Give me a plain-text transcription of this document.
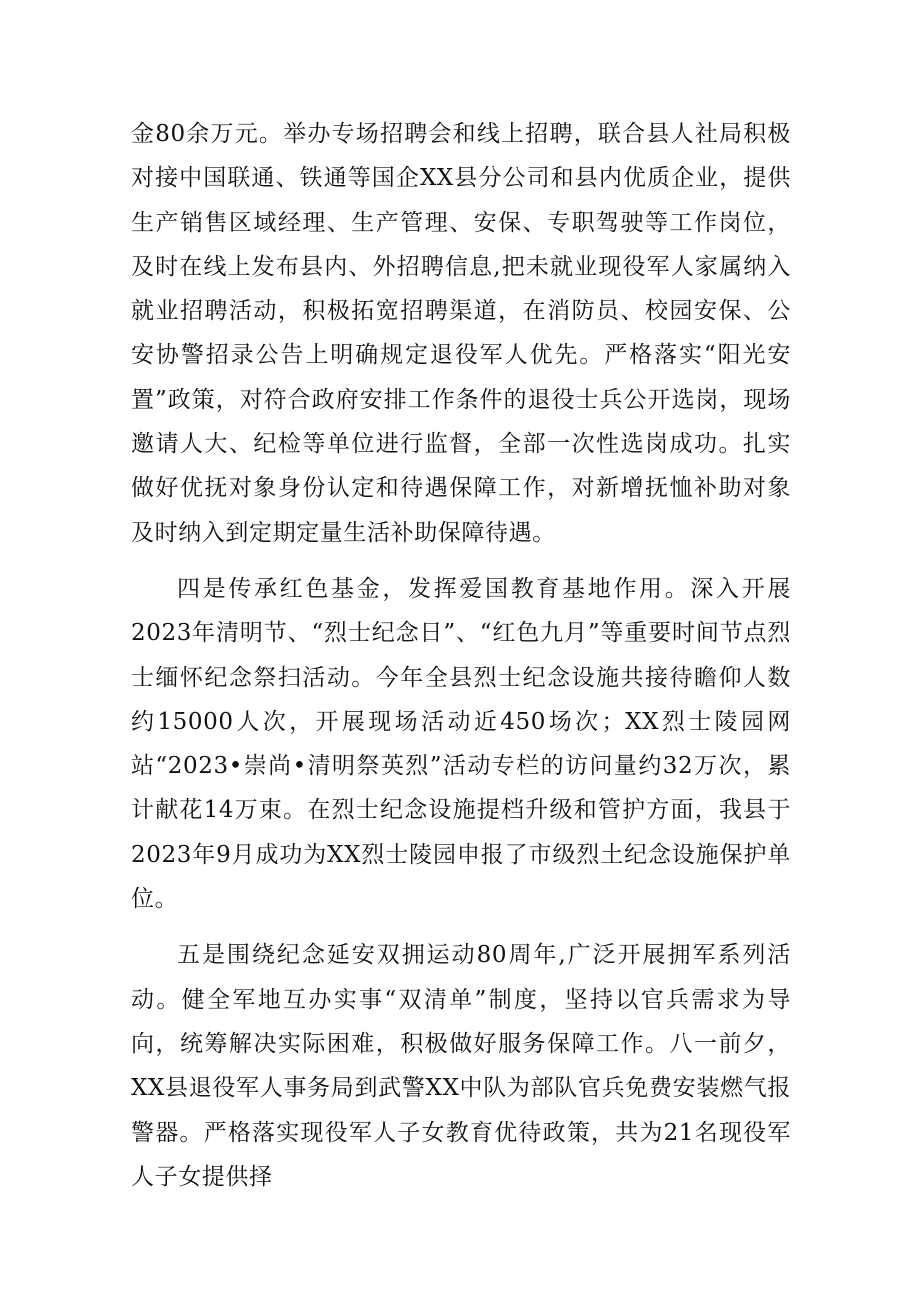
金80余万元。举办专场招聘会和线上招聘，联合县人社局积极对接中国联通、铁通等国企XX县分公司和县内优质企业，提供生产销售区域经理、生产管理、安保、专职驾驶等工作岗位，及时在线上发布县内、外招聘信息,把未就业现役军人家属纳入就业招聘活动，积极拓宽招聘渠道，在消防员、校园安保、公安协警招录公告上明确规定退役军人优先。严格落实“阳光安置”政策，对符合政府安排工作条件的退役士兵公开选岗，现场邀请人大、纪检等单位进行监督，全部一次性选岗成功。扎实做好优抚对象身份认定和待遇保障工作，对新增抚恤补助对象及时纳入到定期定量生活补助保障待遇。

四是传承红色基金，发挥爱国教育基地作用。深入开展2023年清明节、“烈士纪念日”、“红色九月”等重要时间节点烈士缅怀纪念祭扫活动。今年全县烈士纪念设施共接待瞻仰人数约15000人次，开展现场活动近450场次；XX烈士陵园网站“2023•崇尚•清明祭英烈”活动专栏的访问量约32万次，累计献花14万束。在烈士纪念设施提档升级和管护方面，我县于2023年9月成功为XX烈士陵园申报了市级烈土纪念设施保护单位。

五是围绕纪念延安双拥运动80周年,广泛开展拥军系列活动。健全军地互办实事“双清单”制度，坚持以官兵需求为导向，统筹解决实际困难，积极做好服务保障工作。八一前夕，XX县退役军人事务局到武警XX中队为部队官兵免费安装燃气报警器。严格落实现役军人子女教育优待政策，共为21名现役军人子女提供择
